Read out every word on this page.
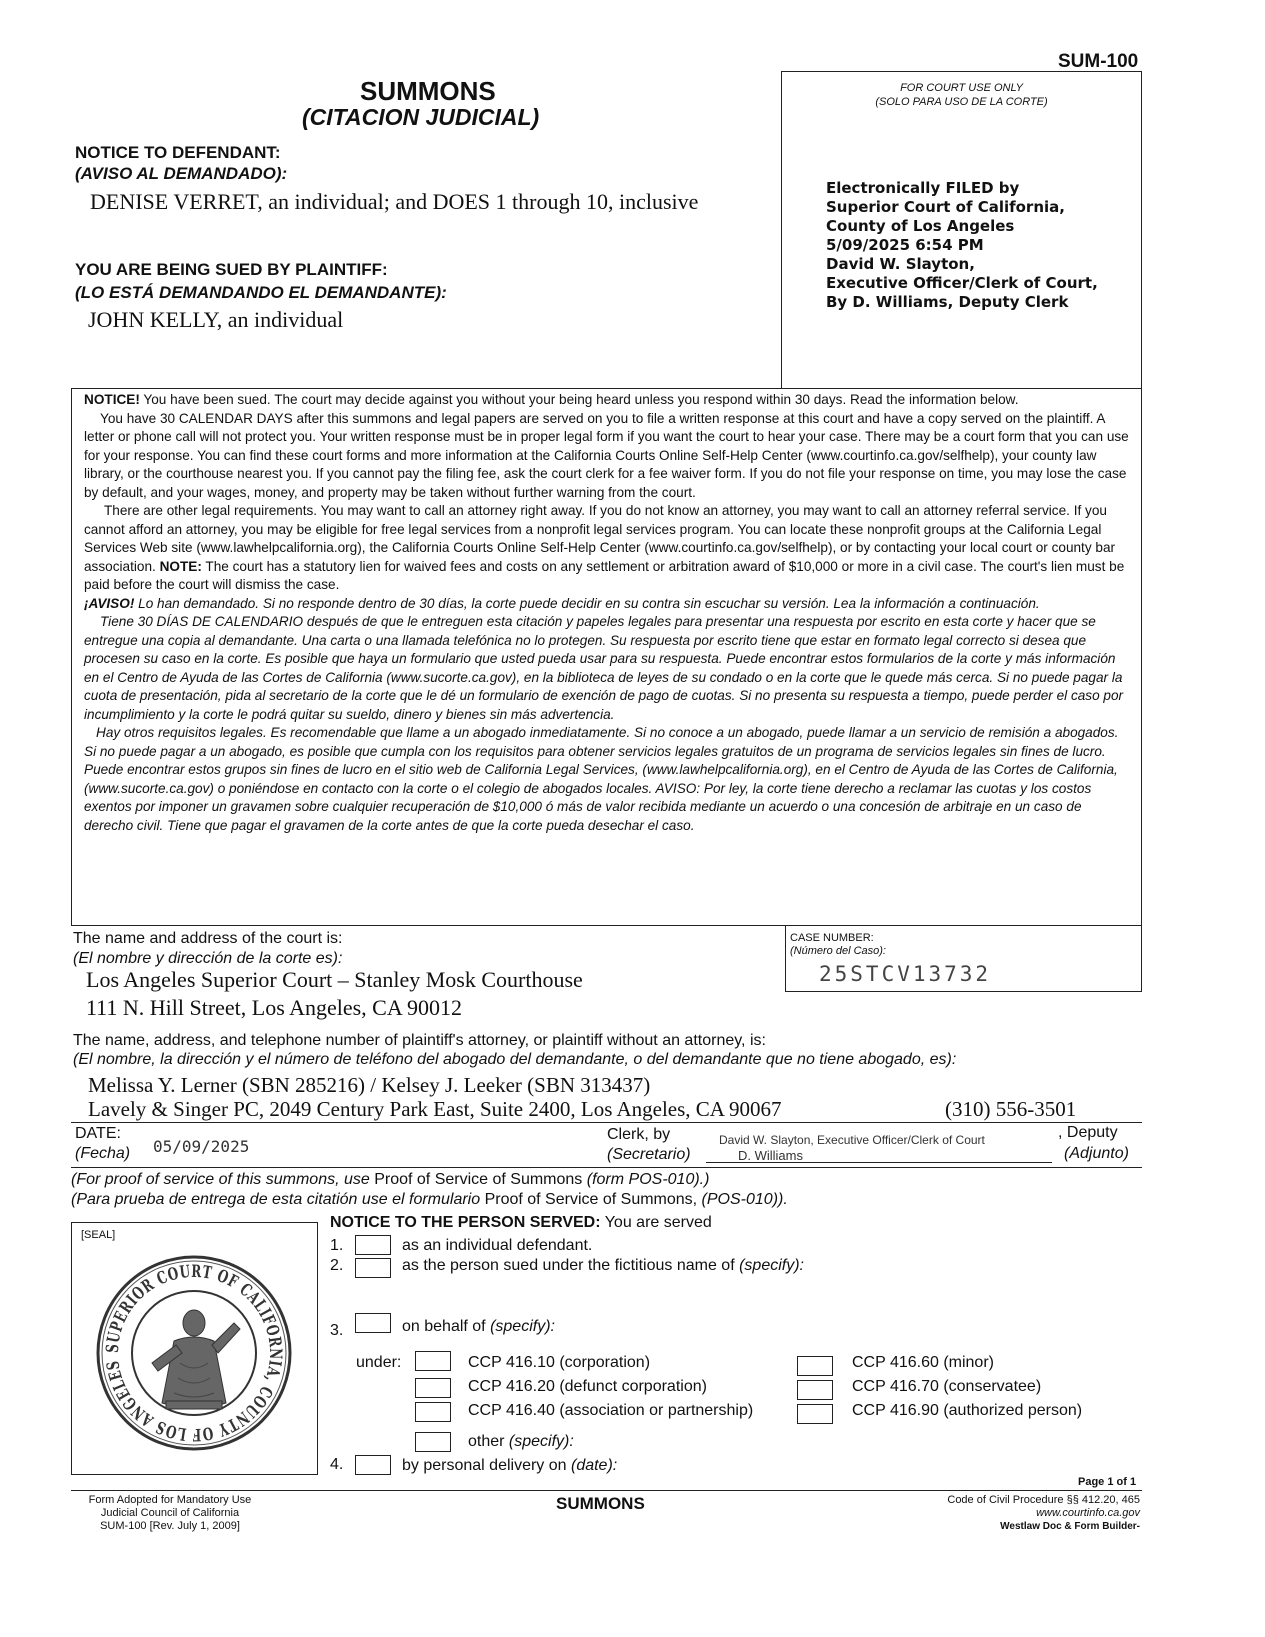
SUM-100
SUMMONS
(CITACION JUDICIAL)
FOR COURT USE ONLY
(SOLO PARA USO DE LA CORTE)
Electronically FILED by
Superior Court of California,
County of Los Angeles
5/09/2025 6:54 PM
David W. Slayton,
Executive Officer/Clerk of Court,
By D. Williams, Deputy Clerk
NOTICE TO DEFENDANT:
(AVISO AL DEMANDADO):
DENISE VERRET, an individual; and DOES 1 through 10, inclusive
YOU ARE BEING SUED BY PLAINTIFF:
(LO ESTÁ DEMANDANDO EL DEMANDANTE):
JOHN KELLY, an individual

NOTICE! You have been sued. The court may decide against you without your being heard unless you respond within 30 days. Read the information below.

You have 30 CALENDAR DAYS after this summons and legal papers are served on you to file a written response at this court and have a copy served on the plaintiff. A letter or phone call will not protect you. Your written response must be in proper legal form if you want the court to hear your case. There may be a court form that you can use for your response. You can find these court forms and more information at the California Courts Online Self-Help Center (www.courtinfo.ca.gov/selfhelp), your county law library, or the courthouse nearest you. If you cannot pay the filing fee, ask the court clerk for a fee waiver form. If you do not file your response on time, you may lose the case by default, and your wages, money, and property may be taken without further warning from the court.

There are other legal requirements. You may want to call an attorney right away. If you do not know an attorney, you may want to call an attorney referral service. If you cannot afford an attorney, you may be eligible for free legal services from a nonprofit legal services program. You can locate these nonprofit groups at the California Legal Services Web site (www.lawhelpcalifornia.org), the California Courts Online Self-Help Center (www.courtinfo.ca.gov/selfhelp), or by contacting your local court or county bar association. NOTE: The court has a statutory lien for waived fees and costs on any settlement or arbitration award of $10,000 or more in a civil case. The court's lien must be paid before the court will dismiss the case.

¡AVISO! Lo han demandado. Si no responde dentro de 30 días, la corte puede decidir en su contra sin escuchar su versión. Lea la información a continuación.

Tiene 30 DÍAS DE CALENDARIO después de que le entreguen esta citación y papeles legales para presentar una respuesta por escrito en esta corte y hacer que se entregue una copia al demandante. Una carta o una llamada telefónica no lo protegen. Su respuesta por escrito tiene que estar en formato legal correcto si desea que procesen su caso en la corte. Es posible que haya un formulario que usted pueda usar para su respuesta. Puede encontrar estos formularios de la corte y más información en el Centro de Ayuda de las Cortes de California (www.sucorte.ca.gov), en la biblioteca de leyes de su condado o en la corte que le quede más cerca. Si no puede pagar la cuota de presentación, pida al secretario de la corte que le dé un formulario de exención de pago de cuotas. Si no presenta su respuesta a tiempo, puede perder el caso por incumplimiento y la corte le podrá quitar su sueldo, dinero y bienes sin más advertencia.

Hay otros requisitos legales. Es recomendable que llame a un abogado inmediatamente. Si no conoce a un abogado, puede llamar a un servicio de remisión a abogados. Si no puede pagar a un abogado, es posible que cumpla con los requisitos para obtener servicios legales gratuitos de un programa de servicios legales sin fines de lucro. Puede encontrar estos grupos sin fines de lucro en el sitio web de California Legal Services, (www.lawhelpcalifornia.org), en el Centro de Ayuda de las Cortes de California, (www.sucorte.ca.gov) o poniéndose en contacto con la corte o el colegio de abogados locales. AVISO: Por ley, la corte tiene derecho a reclamar las cuotas y los costos exentos por imponer un gravamen sobre cualquier recuperación de $10,000 ó más de valor recibida mediante un acuerdo o una concesión de arbitraje en un caso de derecho civil. Tiene que pagar el gravamen de la corte antes de que la corte pueda desechar el caso.

The name and address of the court is:
(El nombre y dirección de la corte es):
Los Angeles Superior Court – Stanley Mosk Courthouse
111 N. Hill Street, Los Angeles, CA 90012
CASE NUMBER:
(Número del Caso):
25STCV13732
The name, address, and telephone number of plaintiff's attorney, or plaintiff without an attorney, is:
(El nombre, la dirección y el número de teléfono del abogado del demandante, o del demandante que no tiene abogado, es):
Melissa Y. Lerner (SBN 285216) / Kelsey J. Leeker (SBN 313437)
Lavely & Singer PC, 2049 Century Park East, Suite 2400, Los Angeles, CA 90067	(310) 556-3501
DATE:
(Fecha) 05/09/2025
Clerk, by
(Secretario)
David W. Slayton, Executive Officer/Clerk of Court
D. Williams
, Deputy
(Adjunto)
(For proof of service of this summons, use Proof of Service of Summons (form POS-010).)
(Para prueba de entrega de esta citatión use el formulario Proof of Service of Summons, (POS-010)).
[SEAL]
SUPERIOR COURT OF CALIFORNIA, COUNTY OF LOS ANGELES
NOTICE TO THE PERSON SERVED: You are served
1.	as an individual defendant.
2.	as the person sued under the fictitious name of (specify):
3.	on behalf of (specify):
under:	CCP 416.10 (corporation)
CCP 416.20 (defunct corporation)
CCP 416.40 (association or partnership)
CCP 416.60 (minor)
CCP 416.70 (conservatee)
CCP 416.90 (authorized person)
other (specify):
4.	by personal delivery on (date):
Page 1 of 1
Form Adopted for Mandatory Use
Judicial Council of California
SUM-100 [Rev. July 1, 2009]
SUMMONS	Code of Civil Procedure §§ 412.20, 465
www.courtinfo.ca.gov
Westlaw Doc & Form Builder-
